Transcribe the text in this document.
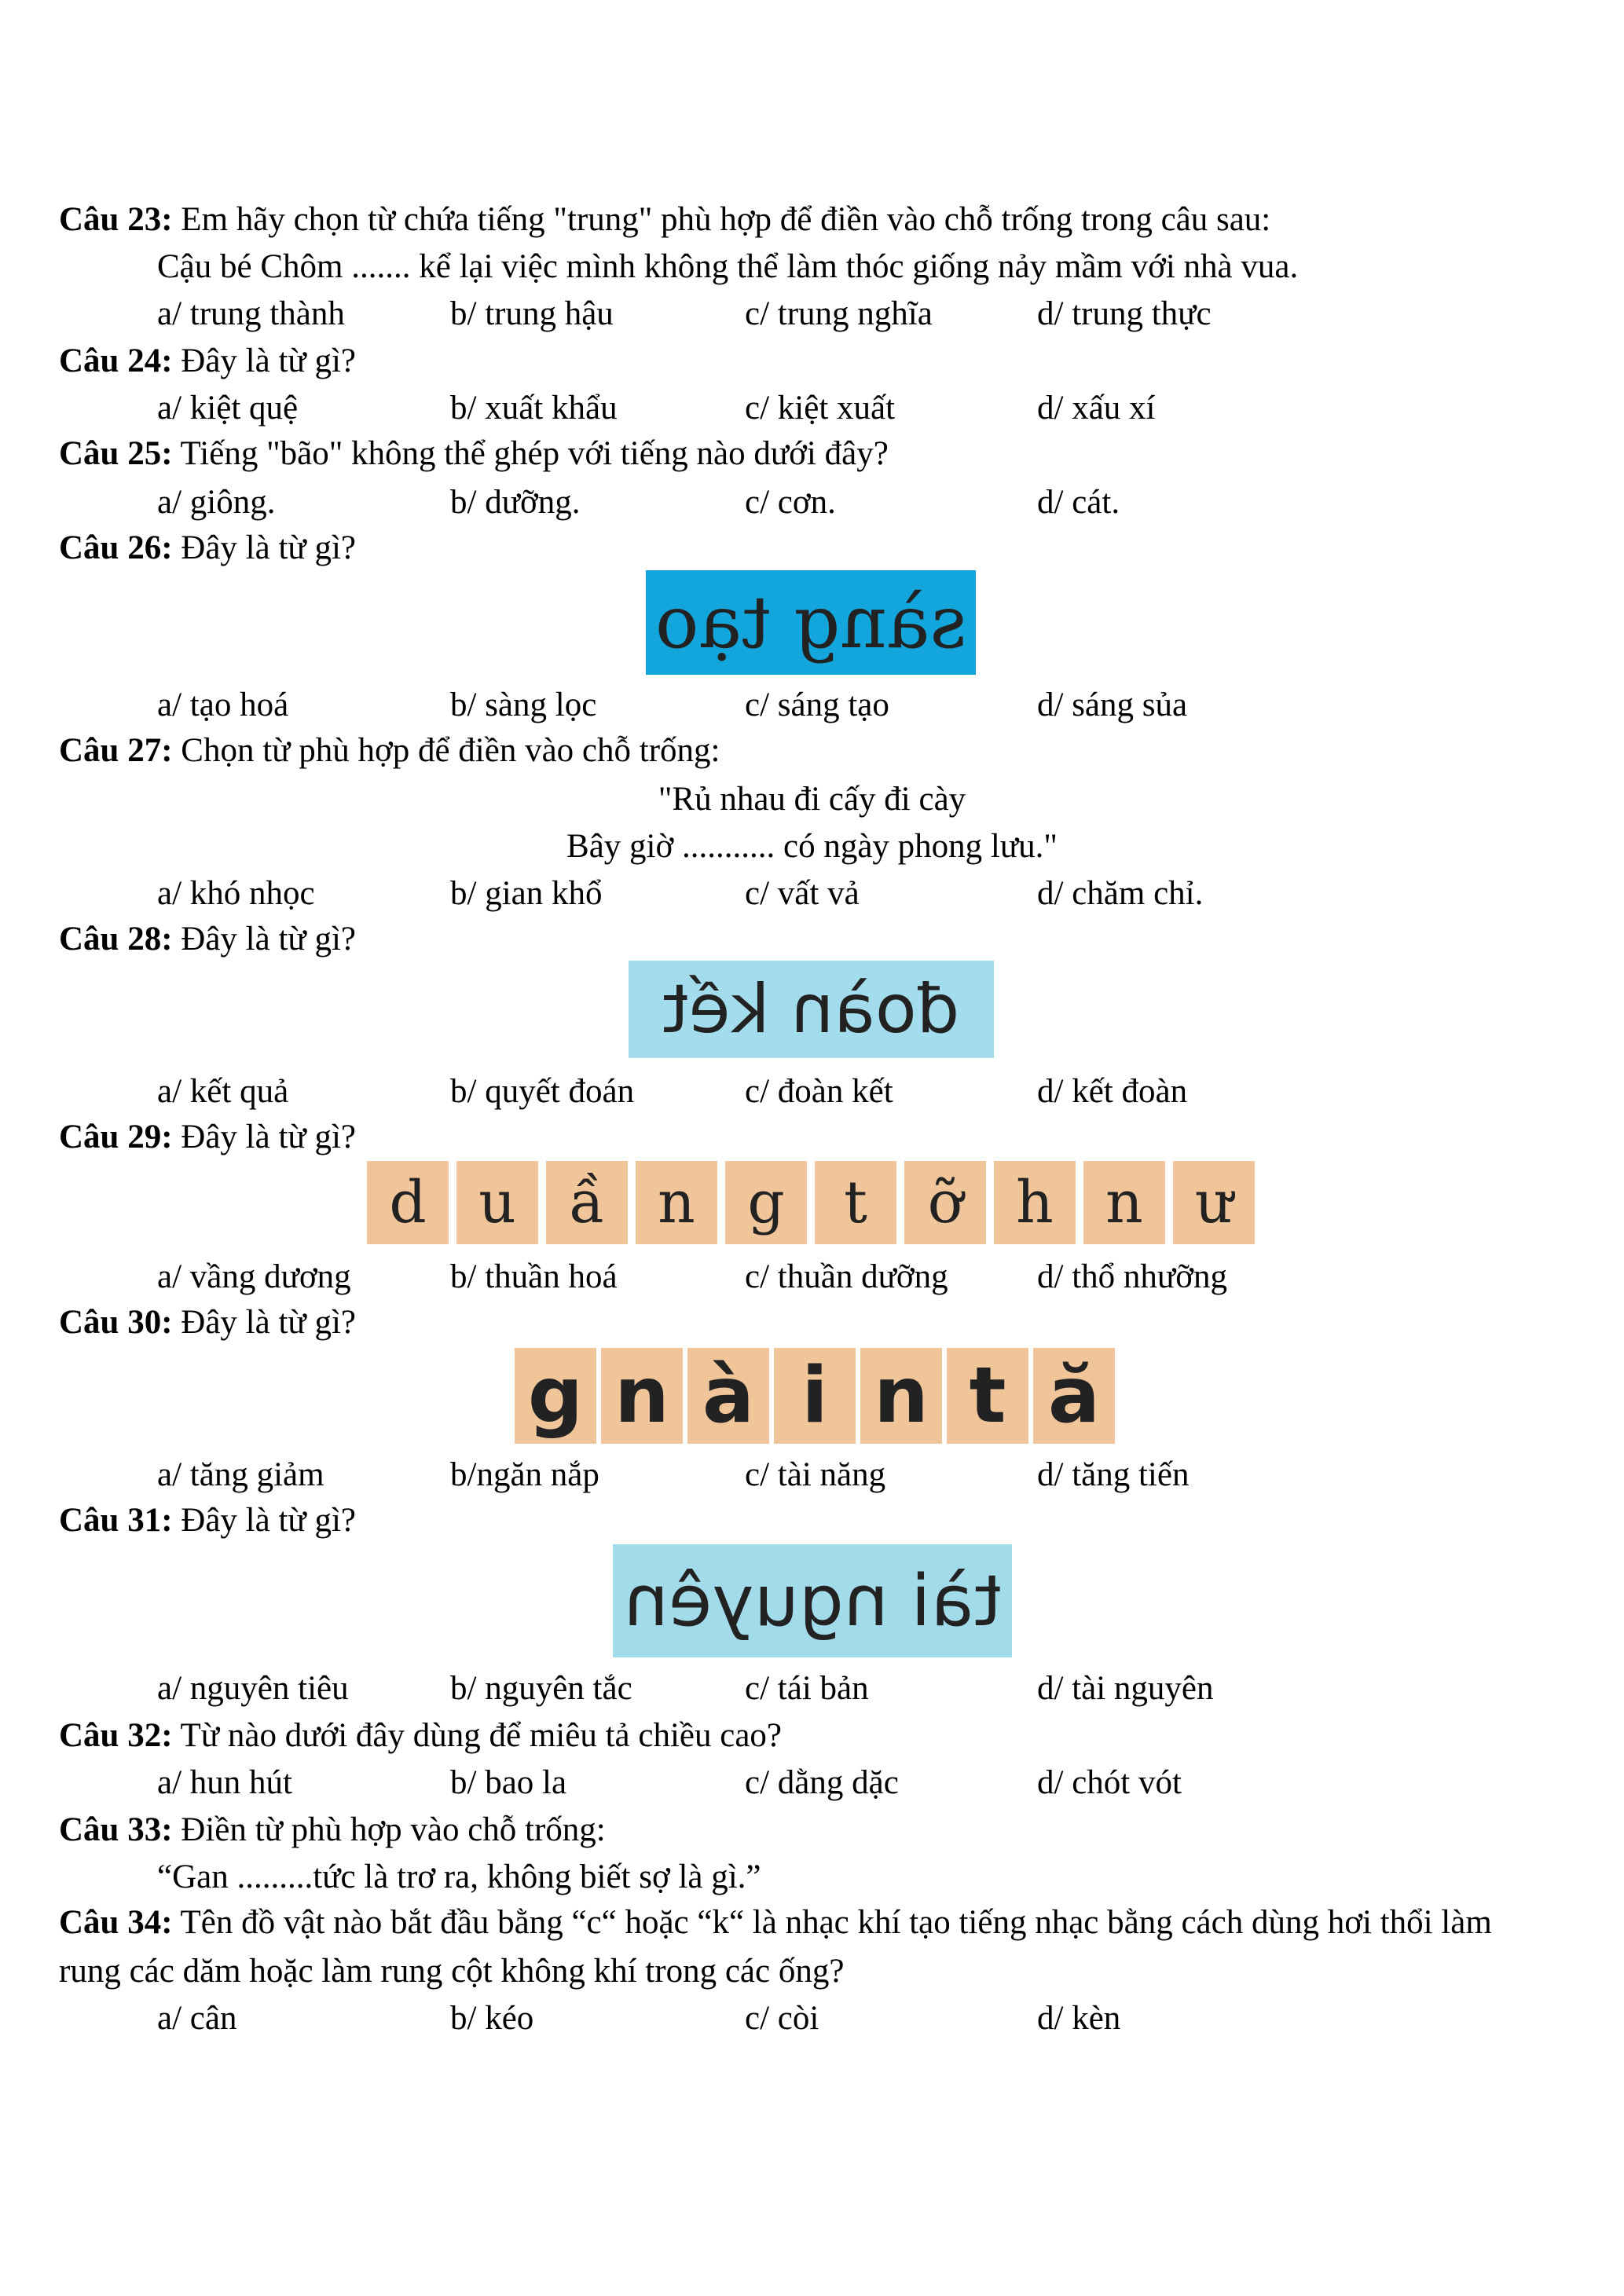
Câu 23: Em hãy chọn từ chứa tiếng "trung" phù hợp để điền vào chỗ trống trong câu sau:
Cậu bé Chôm ....... kể lại việc mình không thể làm thóc giống nảy mầm với nhà vua.
a/ trung thành	b/ trung hậu	c/ trung nghĩa	d/ trung thực
Câu 24: Đây là từ gì?
a/ kiệt quệ	b/ xuất khẩu	c/ kiệt xuất	d/ xấu xí
Câu 25: Tiếng "bão" không thể ghép với tiếng nào dưới đây?
a/ giông.	b/ dưỡng.	c/ cơn.	d/ cát.
Câu 26: Đây là từ gì?
sàng tạo
a/ tạo hoá	b/ sàng lọc	c/ sáng tạo	d/ sáng sủa
Câu 27: Chọn từ phù hợp để điền vào chỗ trống:
"Rủ nhau đi cấy đi cày
Bây giờ ........... có ngày phong lưu."
a/ khó nhọc	b/ gian khổ	c/ vất vả	d/ chăm chỉ.
Câu 28: Đây là từ gì?
đoàn kết
a/ kết quả	b/ quyết đoán	c/ đoàn kết	d/ kết đoàn
Câu 29: Đây là từ gì?
d u ầ n g	t	ỡ h n ư
a/ vầng dương	b/ thuần hoá	c/ thuần dưỡng	d/ thổ nhưỡng
Câu 30: Đây là từ gì?
g n à i n t ă
a/ tăng giảm	b/ngăn nắp	c/ tài năng	d/ tăng tiến
Câu 31: Đây là từ gì?
tài nguyên
a/ nguyên tiêu	b/ nguyên tắc	c/ tái bản	d/ tài nguyên
Câu 32: Từ nào dưới đây dùng để miêu tả chiều cao?
a/ hun hút	b/ bao la	c/ dằng dặc	d/ chót vót
Câu 33: Điền từ phù hợp vào chỗ trống:
“Gan .........tức là trơ ra, không biết sợ là gì.”
Câu 34: Tên đồ vật nào bắt đầu bằng “c“ hoặc “k“ là nhạc khí tạo tiếng nhạc bằng cách dùng hơi thổi làm
rung các dăm hoặc làm rung cột không khí trong các ống?
a/ cân	b/ kéo	c/ còi	d/ kèn
